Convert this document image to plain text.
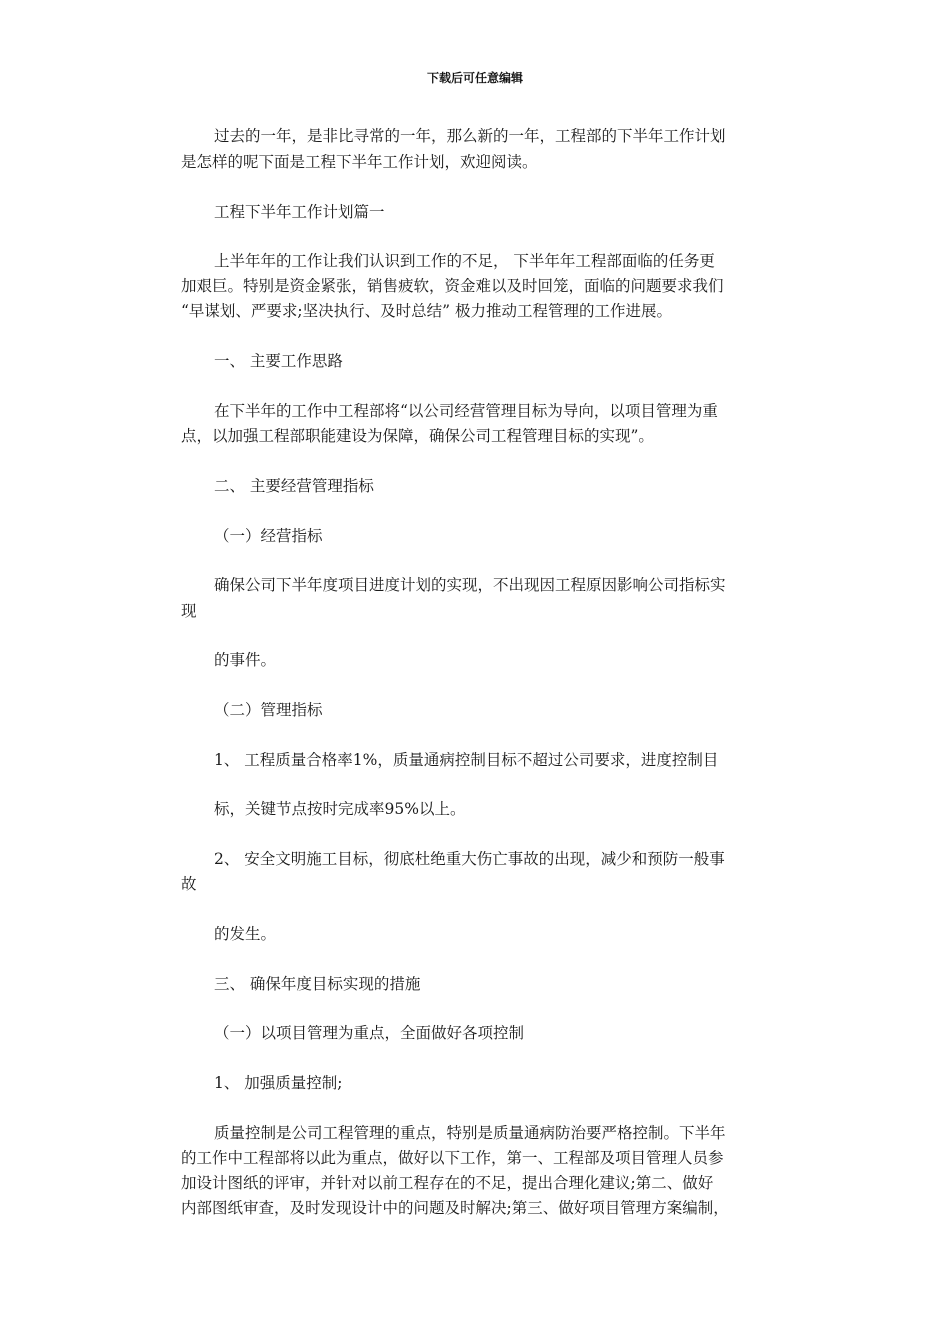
下载后可任意编辑
过去的一年，是非比寻常的一年，那么新的一年，工程部的下半年工作计划
是怎样的呢下面是工程下半年工作计划，欢迎阅读。
工程下半年工作计划篇一
上半年年的工作让我们认识到工作的不足， 下半年年工程部面临的任务更
加艰巨。特别是资金紧张，销售疲软，资金难以及时回笼，面临的问题要求我们
“早谋划、严要求;坚决执行、及时总结” 极力推动工程管理的工作进展。
一、 主要工作思路
在下半年的工作中工程部将“以公司经营管理目标为导向，以项目管理为重
点，以加强工程部职能建设为保障，确保公司工程管理目标的实现”。
二、 主要经营管理指标
（一）经营指标
确保公司下半年度项目进度计划的实现，不出现因工程原因影响公司指标实
现
的事件。
（二）管理指标
1、 工程质量合格率1%，质量通病控制目标不超过公司要求，进度控制目
标，关键节点按时完成率95%以上。
2、 安全文明施工目标，彻底杜绝重大伤亡事故的出现，减少和预防一般事
故
的发生。
三、 确保年度目标实现的措施
（一）以项目管理为重点，全面做好各项控制
1、 加强质量控制;
质量控制是公司工程管理的重点，特别是质量通病防治要严格控制。下半年
的工作中工程部将以此为重点，做好以下工作，第一、工程部及项目管理人员参
加设计图纸的评审，并针对以前工程存在的不足，提出合理化建议;第二、做好
内部图纸审查，及时发现设计中的问题及时解决;第三、做好项目管理方案编制，
